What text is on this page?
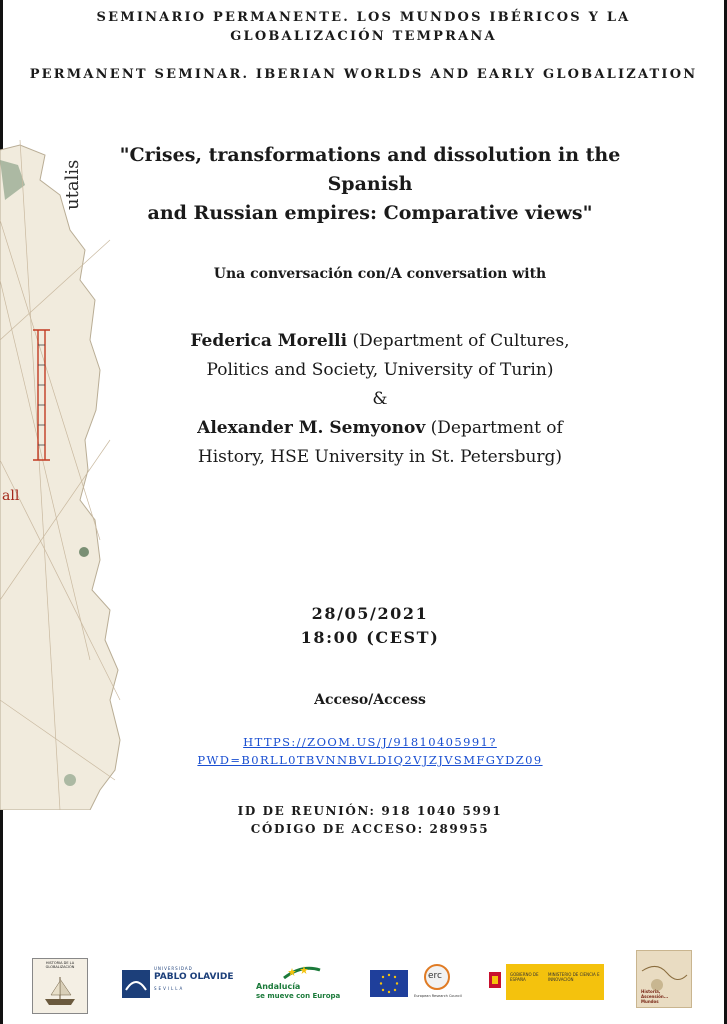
utalis
all
SEMINARIO PERMANENTE. LOS MUNDOS IBÉRICOS Y LA GLOBALIZACIÓN TEMPRANA
PERMANENT SEMINAR. IBERIAN WORLDS AND EARLY GLOBALIZATION
"Crises, transformations and dissolution in the Spanish
and Russian empires: Comparative views"
Una conversación con/A conversation with
Federica Morelli (Department of Cultures,
Politics and Society, University of Turin)
&
Alexander M. Semyonov (Department of
History, HSE University in St. Petersburg)
28/05/2021
18:00 (CEST)
Acceso/Access
HTTPS://ZOOM.US/J/91810405991?
PWD=B0RLL0TBVNNBVLDIQ2VJZJVSMFGYDZ09
ID DE REUNIÓN: 918 1040 5991
CÓDIGO DE ACCESO: 289955
HISTORIA DE LA GLOBALIZACIÓN	UNIVERSIDAD
PABLO OLAVIDE
SEVILLA	Andalucía
se mueve con Europa
erc
European Research Council
GOBIERNO DE ESPAÑA
MINISTERIO DE CIENCIA E INNOVACIÓN
Historia, Ascensión... Mundos
